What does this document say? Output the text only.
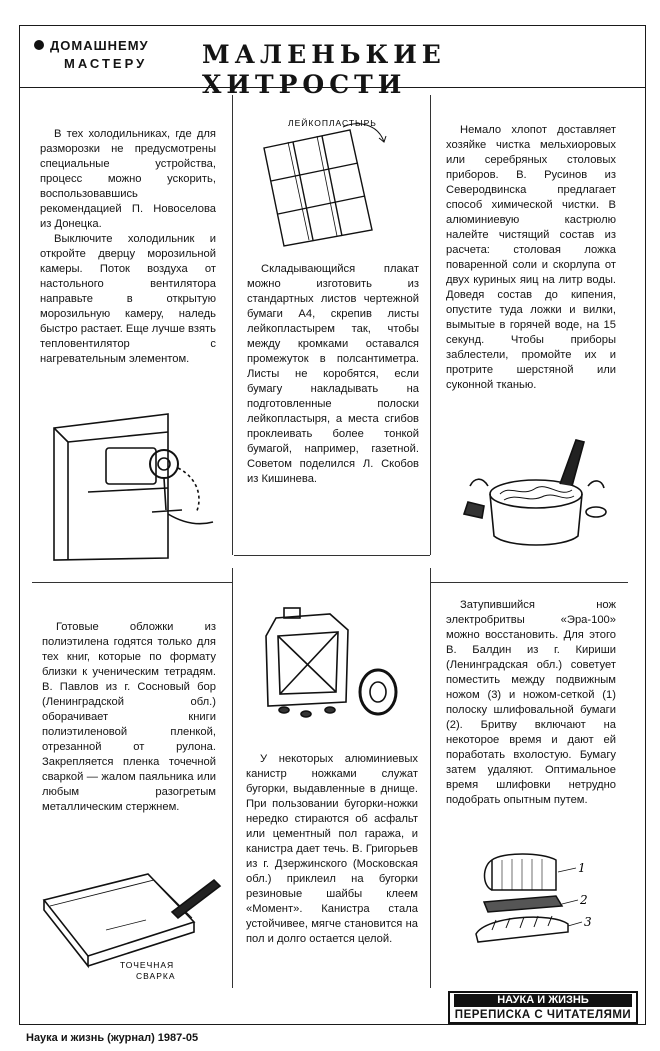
ДОМАШНЕМУ
МАСТЕРУ МАЛЕНЬКИЕ ХИТРОСТИ
В тех холодильниках, где для разморозки не предусмотрены специальные устройства, процесс можно ускорить, воспользовавшись рекомендацией П. Новоселова из Донецка.
Выключите холодильник и откройте дверцу морозильной камеры. Поток воздуха от настольного вентилятора направьте в открытую морозильную камеру, наледь быстро растает. Еще лучше взять тепловентилятор с нагревательным элементом.
ЛЕЙКОПЛАСТЫРЬ
Складывающийся плакат можно изготовить из стандартных листов чертежной бумаги А4, скрепив листы лейкопластырем так, чтобы между кромками оставался промежуток в полсантиметра. Листы не коробятся, если бумагу накладывать на подготовленные полоски лейкопластыря, а места сгибов проклеивать более тонкой бумагой, например, газетной. Советом поделился Л. Скобов из Кишинева.
Немало хлопот доставляет хозяйке чистка мельхиоровых или серебряных столовых приборов. В. Русинов из Северодвинска предлагает способ химической чистки. В алюминиевую кастрюлю налейте чистящий состав из расчета: столовая ложка поваренной соли и скорлупа от двух куриных яиц на литр воды. Доведя состав до кипения, опустите туда ложки и вилки, вымытые в горячей воде, на 15 секунд. Чтобы приборы заблестели, промойте их и протрите шерстяной или суконной тканью.
Готовые обложки из полиэтилена годятся только для тех книг, которые по формату близки к ученическим тетрадям. В. Павлов из г. Сосновый бор (Ленинградской обл.) оборачивает книги полиэтиленовой пленкой, отрезанной от рулона. Закрепляется пленка точечной сваркой — жалом паяльника или любым разогретым металлическим стержнем.
ТОЧЕЧНАЯ
СВАРКА
У некоторых алюминиевых канистр ножками служат бугорки, выдавленные в днище. При пользовании бугорки-ножки нередко стираются об асфальт или цементный пол гаража, и канистра дает течь. В. Григорьев из г. Дзержинского (Московская обл.) приклеил на бугорки резиновые шайбы клеем «Момент». Канистра стала устойчивее, мягче становится на пол и долго остается целой.
Затупившийся нож электробритвы «Эра-100» можно восстановить. Для этого В. Балдин из г. Кириши (Ленинградская обл.) советует поместить между подвижным ножом (3) и ножом-сеткой (1) полоску шлифовальной бумаги (2). Бритву включают на некоторое время и дают ей поработать вхолостую. Бумагу затем удаляют. Оптимальное время шлифовки нетрудно подобрать опытным путем.
1
2
3
НАУКА И ЖИЗНЬ
ПЕРЕПИСКА С ЧИТАТЕЛЯМИ
Наука и жизнь (журнал) 1987-05
